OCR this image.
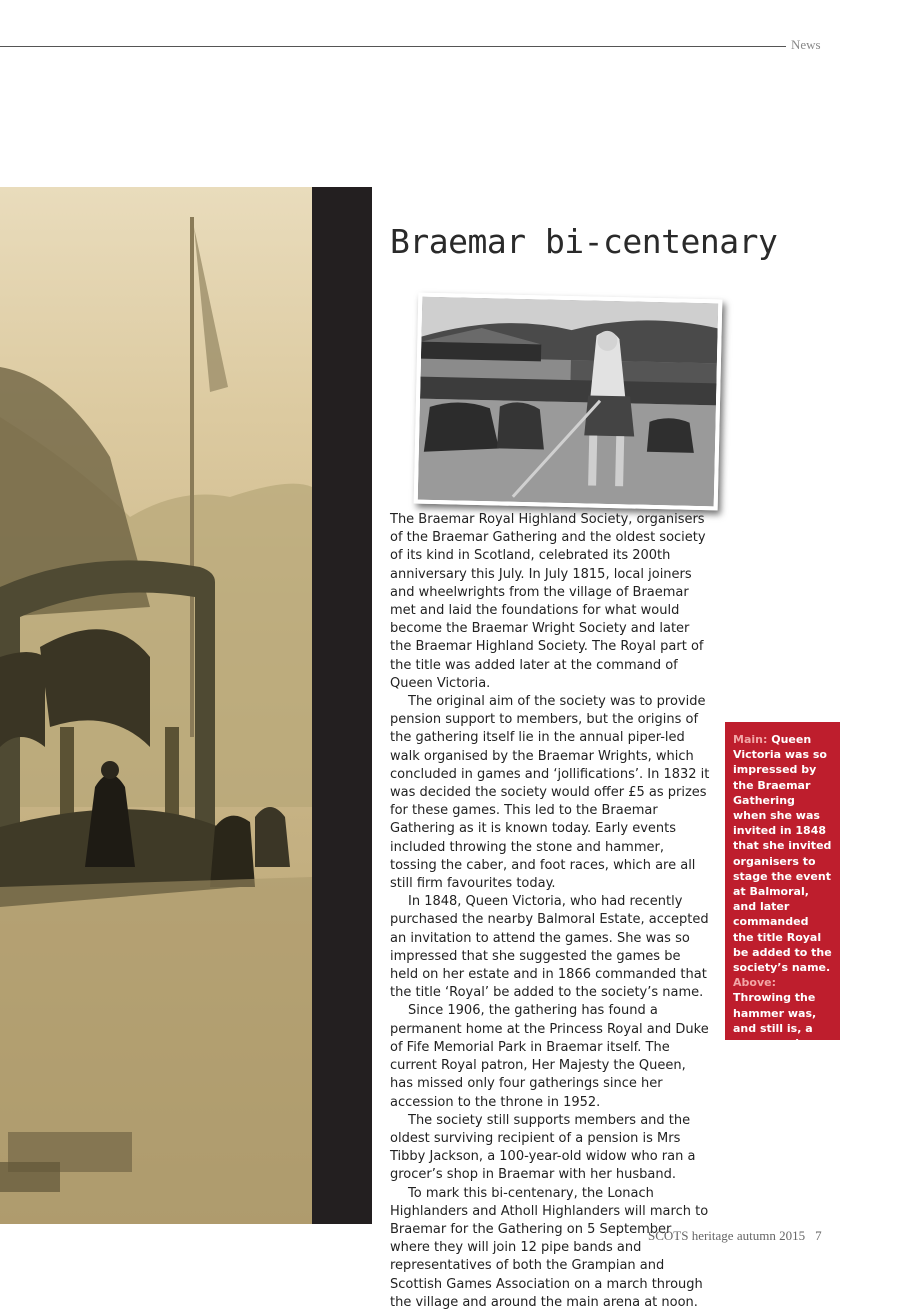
News
Braemar bi-centenary

The Braemar Royal Highland Society, organisers of the Braemar Gathering and the oldest society of its kind in Scotland, celebrated its 200th anniversary this July. In July 1815, local joiners and wheelwrights from the village of Braemar met and laid the foundations for what would become the Braemar Wright Society and later the Braemar Highland Society. The Royal part of the title was added later at the command of Queen Victoria.

The original aim of the society was to provide pension support to members, but the origins of the gathering itself lie in the annual piper-led walk organised by the Braemar Wrights, which concluded in games and ‘jollifications’. In 1832 it was decided the society would offer £5 as prizes for these games. This led to the Braemar Gathering as it is known today. Early events included throwing the stone and hammer, tossing the caber, and foot races, which are all still firm favourites today.

In 1848, Queen Victoria, who had recently purchased the nearby Balmoral Estate, accepted an invitation to attend the games. She was so impressed that she suggested the games be held on her estate and in 1866 commanded that the title ‘Royal’ be added to the society’s name.

Since 1906, the gathering has found a permanent home at the Princess Royal and Duke of Fife Memorial Park in Braemar itself. The current Royal patron, Her Majesty the Queen, has missed only four gatherings since her accession to the throne in 1952.

The society still supports members and the oldest surviving recipient of a pension is Mrs Tibby Jackson, a 100-year-old widow who ran a grocer’s shop in Braemar with her husband.

To mark this bi-centenary, the Lonach Highlanders and Atholl Highlanders will march to Braemar for the Gathering on 5 September where they will join 12 pipe bands and representatives of both the Grampian and Scottish Games Association on a march through the village and around the main arena at noon.

Main: Queen Victoria was so impressed by the Braemar Gathering when she was invited in 1848 that she invited organisers to stage the event at Balmoral, and later commanded the title Royal be added to the society’s name.

Above: Throwing the hammer was, and still is, a very popular event at Braemar Gathering.

SCOTS heritage autumn 2015 7
